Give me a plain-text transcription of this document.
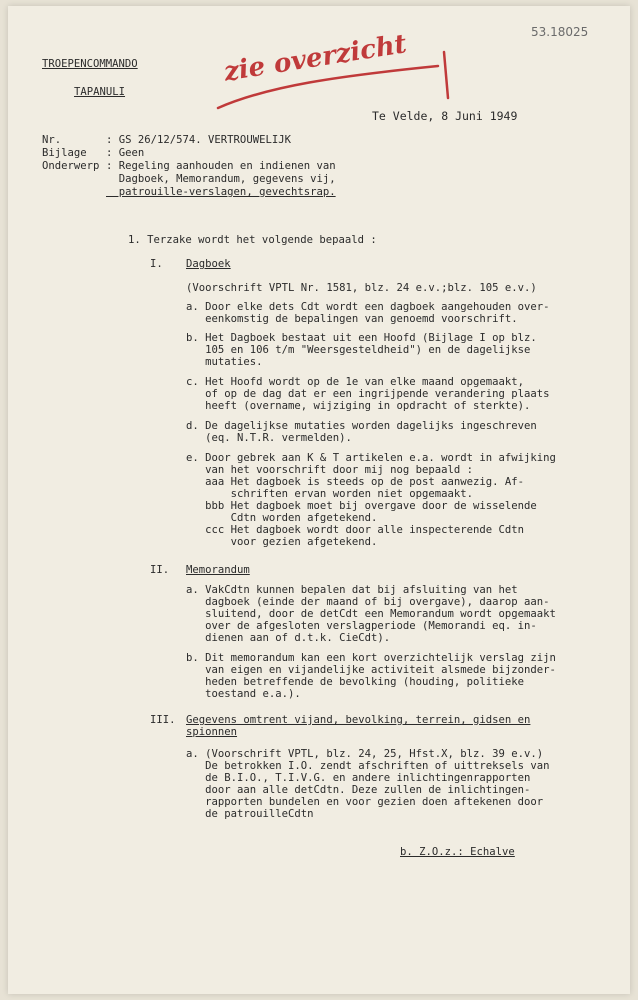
53.18025
zie overzicht
TROEPENCOMMANDO
TAPANULI
Te Velde, 8 Juni 1949
Nr.	: GS 26/12/574. VERTROUWELIJK
Bijlage : Geen
Onderwerp : Regeling aanhouden en indienen van
Dagboek, Memorandum, gegevens vij,
patrouille-verslagen, gevechtsrap.
1. Terzake wordt het volgende bepaald :
I. Dagboek
(Voorschrift VPTL Nr. 1581, blz. 24 e.v.;blz. 105 e.v.)
a. Door elke dets Cdt wordt een dagboek aangehouden over-
eenkomstig de bepalingen van genoemd voorschrift.
b. Het Dagboek bestaat uit een Hoofd (Bijlage I op blz.
105 en 106 t/m "Weersgesteldheid") en de dagelijkse
mutaties.
c. Het Hoofd wordt op de 1e van elke maand opgemaakt,
of op de dag dat er een ingrijpende verandering plaats
heeft (overname, wijziging in opdracht of sterkte).
d. De dagelijkse mutaties worden dagelijks ingeschreven
(eq. N.T.R. vermelden).
e. Door gebrek aan K & T artikelen e.a. wordt in afwijking
van het voorschrift door mij nog bepaald :
aaa Het dagboek is steeds op de post aanwezig. Af-
schriften ervan worden niet opgemaakt.
bbb Het dagboek moet bij overgave door de wisselende
Cdtn worden afgetekend.
ccc Het dagboek wordt door alle inspecterende Cdtn
voor gezien afgetekend.
II. Memorandum
a. VakCdtn kunnen bepalen dat bij afsluiting van het
dagboek (einde der maand of bij overgave), daarop aan-
sluitend, door de detCdt een Memorandum wordt opgemaakt
over de afgesloten verslagperiode (Memorandi eq. in-
dienen aan of d.t.k. CieCdt).
b. Dit memorandum kan een kort overzichtelijk verslag zijn
van eigen en vijandelijke activiteit alsmede bijzonder-
heden betreffende de bevolking (houding, politieke
toestand e.a.).
III. Gegevens omtrent vijand, bevolking, terrein, gidsen en
spionnen
a. (Voorschrift VPTL, blz. 24, 25, Hfst.X, blz. 39 e.v.)
De betrokken I.O. zendt afschriften of uittreksels van
de B.I.O., T.I.V.G. en andere inlichtingenrapporten
door aan alle detCdtn. Deze zullen de inlichtingen-
rapporten bundelen en voor gezien doen aftekenen door
de patrouilleCdtn
b. Z.O.z.: Echalve
